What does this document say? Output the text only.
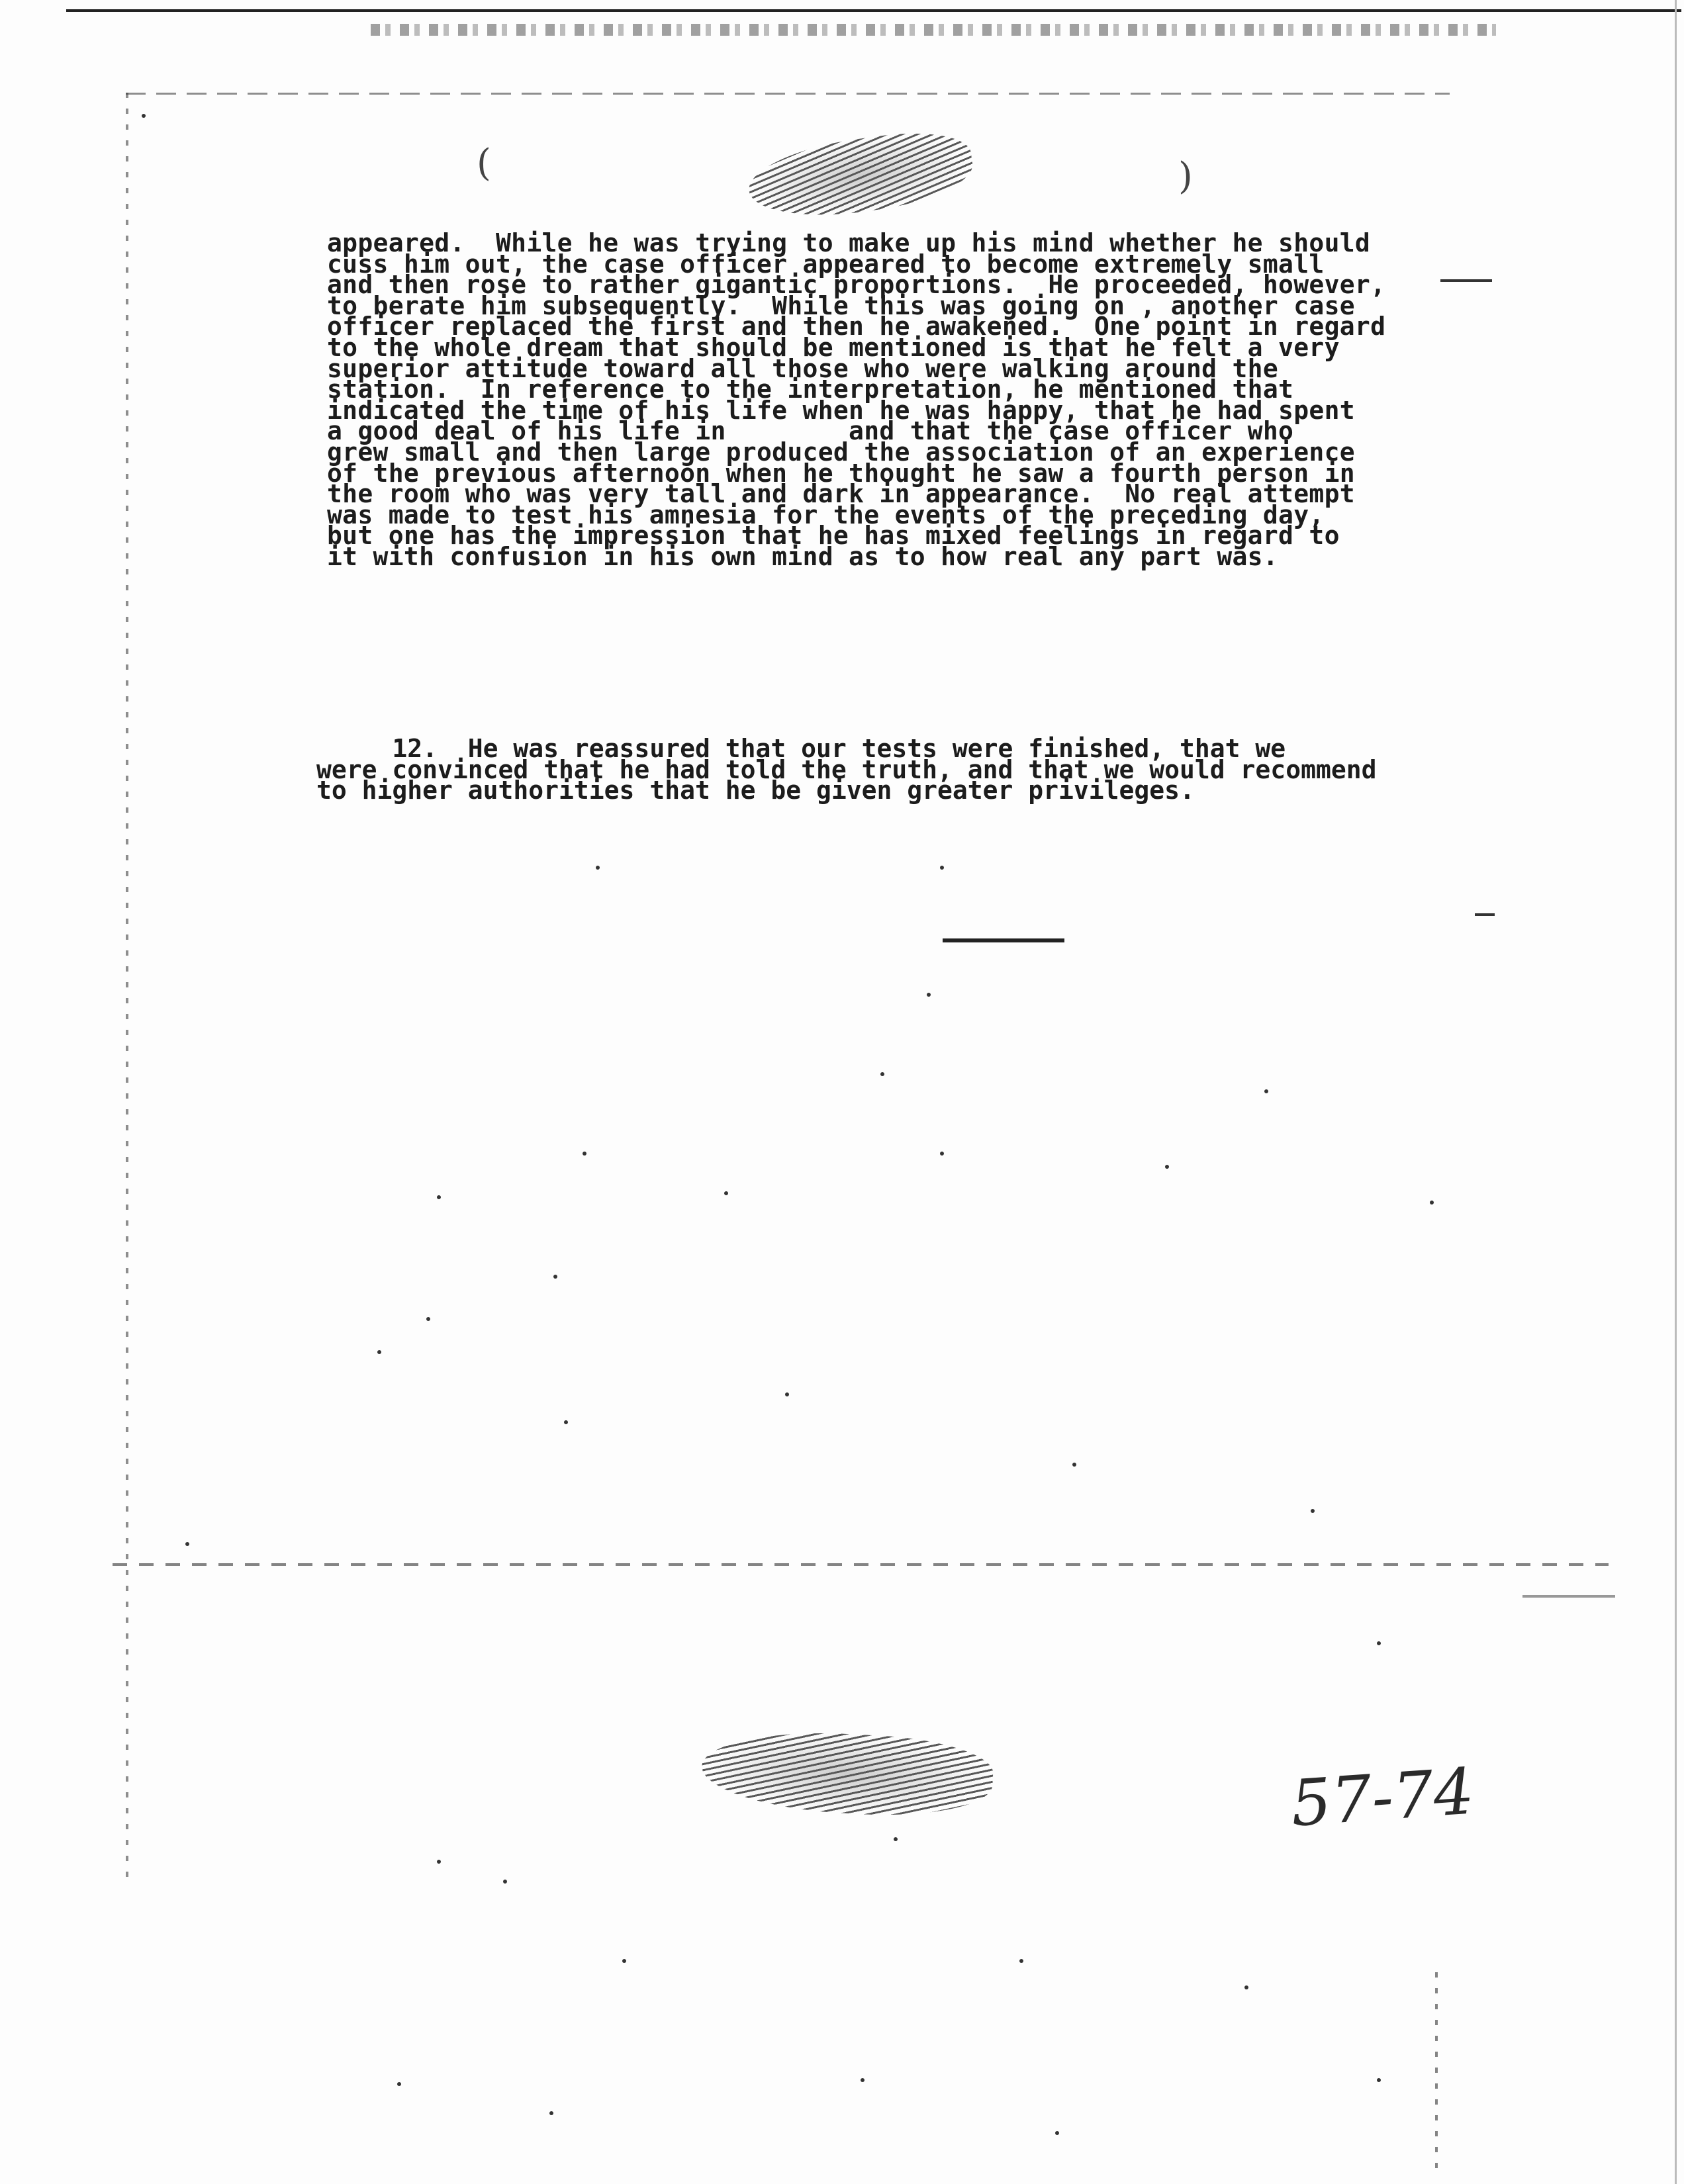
(	)
appeared.  While he was trying to make up his mind whether he should
cuss him out, the case officer appeared to become extremely small
and then rose to rather gigantic proportions.  He proceeded, however,
to berate him subsequently.  While this was going on , another case
officer replaced the first and then he awakened.  One point in regard
to the whole dream that should be mentioned is that he felt a very
superior attitude toward all those who were walking around the
station.  In reference to the interpretation, he mentioned that
indicated the time of his life when he was happy, that he had spent
a good deal of his life in        and that the case officer who
grew small and then large produced the association of an experience
of the previous afternoon when he thought he saw a fourth person in
the room who was very tall and dark in appearance.  No real attempt
was made to test his amnesia for the events of the preceding day,
but one has the impression that he has mixed feelings in regard to
it with confusion in his own mind as to how real any part was.
12.  He was reassured that our tests were finished, that we
were convinced that he had told the truth, and that we would recommend
to higher authorities that he be given greater privileges.
57-74
